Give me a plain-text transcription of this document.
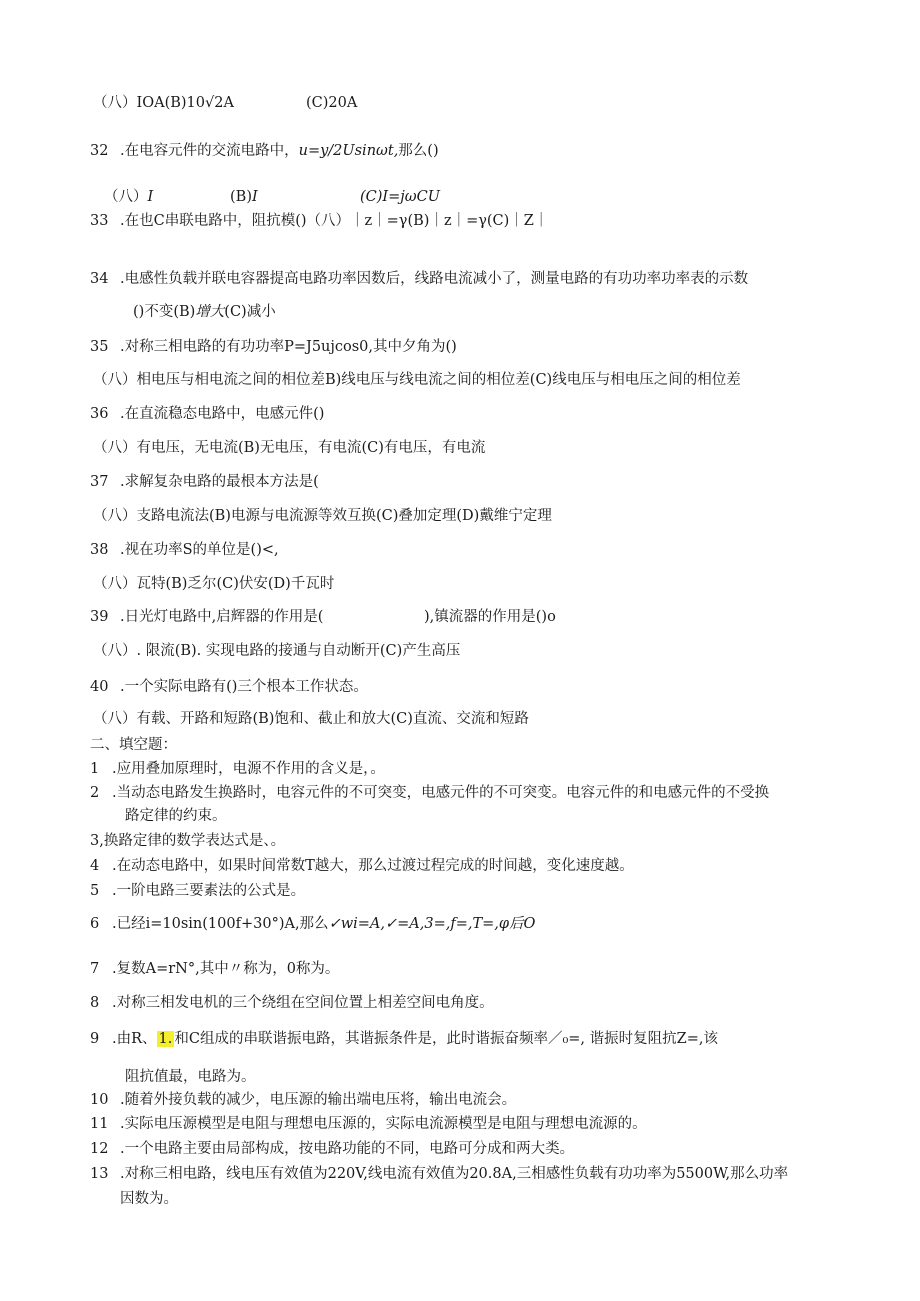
（八）IOA(B)10√2A	(C)20A
32 .在电容元件的交流电路中，u=y/2Usinωt,那么()
（八）I	(B)I	(C)I=jωCU
33 .在也C串联电路中，阻抗模()（八）｜z｜=γ(B)｜z｜=γ(C)｜Z｜
34 .电感性负载并联电容器提高电路功率因数后，线路电流减小了，测量电路的有功功率功率表的示数
()不变(B)增大(C)减小
35 .对称三相电路的有功功率P=J5ujcos0,其中夕角为()
（八）相电压与相电流之间的相位差B)线电压与线电流之间的相位差(C)线电压与相电压之间的相位差
36 .在直流稳态电路中，电感元件()
（八）有电压，无电流(B)无电压，有电流(C)有电压，有电流
37 .求解复杂电路的最根本方法是(
（八）支路电流法(B)电源与电流源等效互换(C)叠加定理(D)戴维宁定理
38 .视在功率S的单位是()<,
（八）瓦特(B)乏尔(C)伏安(D)千瓦时
39 .日光灯电路中,启辉器的作用是(	),镇流器的作用是()o
（八）. 限流(B). 实现电路的接通与自动断开(C)产生高压
40 .一个实际电路有()三个根本工作状态。
（八）有载、开路和短路(B)饱和、截止和放大(C)直流、交流和短路
二、填空题：
1 .应用叠加原理时，电源不作用的含义是，。
2 .当动态电路发生换路时，电容元件的不可突变，电感元件的不可突变。电容元件的和电感元件的不受换
路定律的约束。
3,换路定律的数学表达式是、。
4 .在动态电路中，如果时间常数T越大，那么过渡过程完成的时间越，变化速度越。
5 .一阶电路三要素法的公式是。
6 .已经i=10sin(100f+30°)A,那么✓wi=A,✓=A,3=,f=,T=,φ后O
7 .复数A=rN°,其中〃称为，0称为。
8 .对称三相发电机的三个绕组在空间位置上相差空间电角度。
9 .由R、 1. 和C组成的串联谐振电路，其谐振条件是，此时谐振奋频率／₀=, 谐振时复阻抗Z=,该
阻抗值最，电路为。
10 .随着外接负载的减少，电压源的输出端电压将，输出电流会。
11 .实际电压源模型是电阻与理想电压源的，实际电流源模型是电阻与理想电流源的。
12 .一个电路主要由局部构成，按电路功能的不同，电路可分成和两大类。
13 .对称三相电路，线电压有效值为220V,线电流有效值为20.8A,三相感性负载有功功率为5500W,那么功率
因数为。
